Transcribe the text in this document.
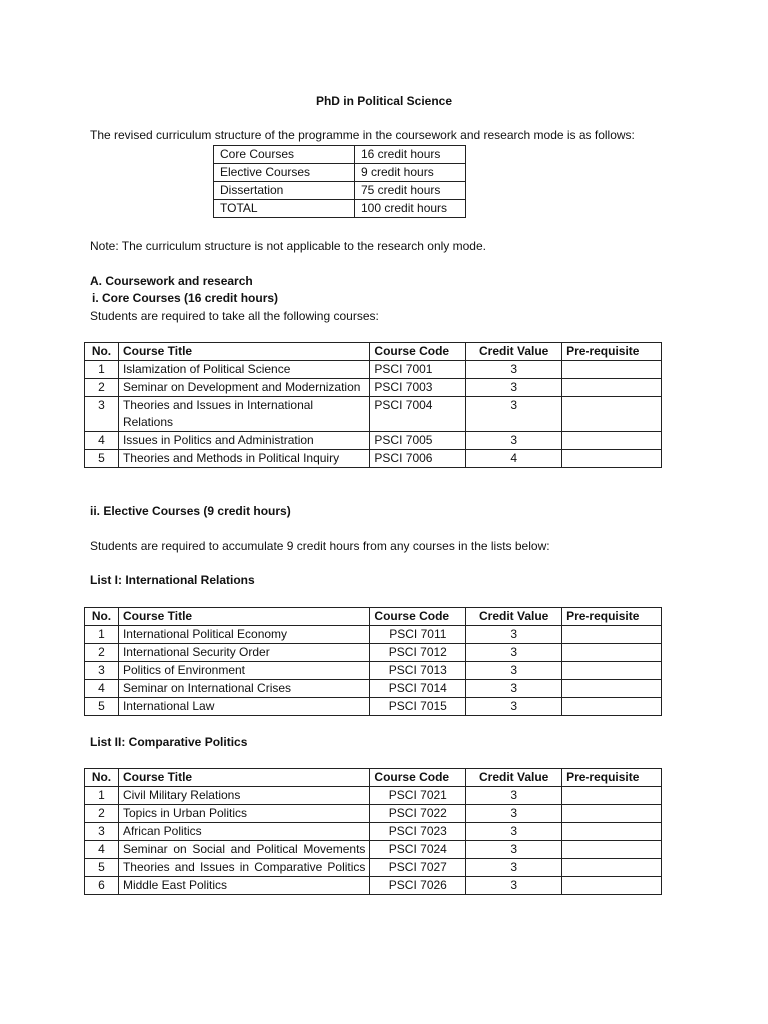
PhD in Political Science
The revised curriculum structure of the programme in the coursework and research mode is as follows:
Core Courses	16 credit hours
Elective Courses	9 credit hours
Dissertation	75 credit hours
TOTAL	100 credit hours
Note: The curriculum structure is not applicable to the research only mode.
A. Coursework and research
i. Core Courses (16 credit hours)
Students are required to take all the following courses:
No.	Course Title	Course Code	Credit Value	Pre-requisite
1	Islamization of Political Science	PSCI 7001	3	
2	Seminar on Development and Modernization	PSCI 7003	3	
3	Theories and Issues in International Relations	PSCI 7004	3	
4	Issues in Politics and Administration	PSCI 7005	3	
5	Theories and Methods in Political Inquiry	PSCI 7006	4	
ii. Elective Courses (9 credit hours)
Students are required to accumulate 9 credit hours from any courses in the lists below:
List I: International Relations
No.	Course Title	Course Code	Credit Value	Pre-requisite
1	International Political Economy	PSCI 7011	3	
2	International Security Order	PSCI 7012	3	
3	Politics of Environment	PSCI 7013	3	
4	Seminar on International Crises	PSCI 7014	3	
5	International Law	PSCI 7015	3	
List II: Comparative Politics
No.	Course Title	Course Code	Credit Value	Pre-requisite
1	Civil Military Relations	PSCI 7021	3	
2	Topics in Urban Politics	PSCI 7022	3	
3	African Politics	PSCI 7023	3	
4	Seminar on Social and Political Movements	PSCI 7024	3	
5	Theories and Issues in Comparative Politics	PSCI 7027	3	
6	Middle East Politics	PSCI 7026	3	
